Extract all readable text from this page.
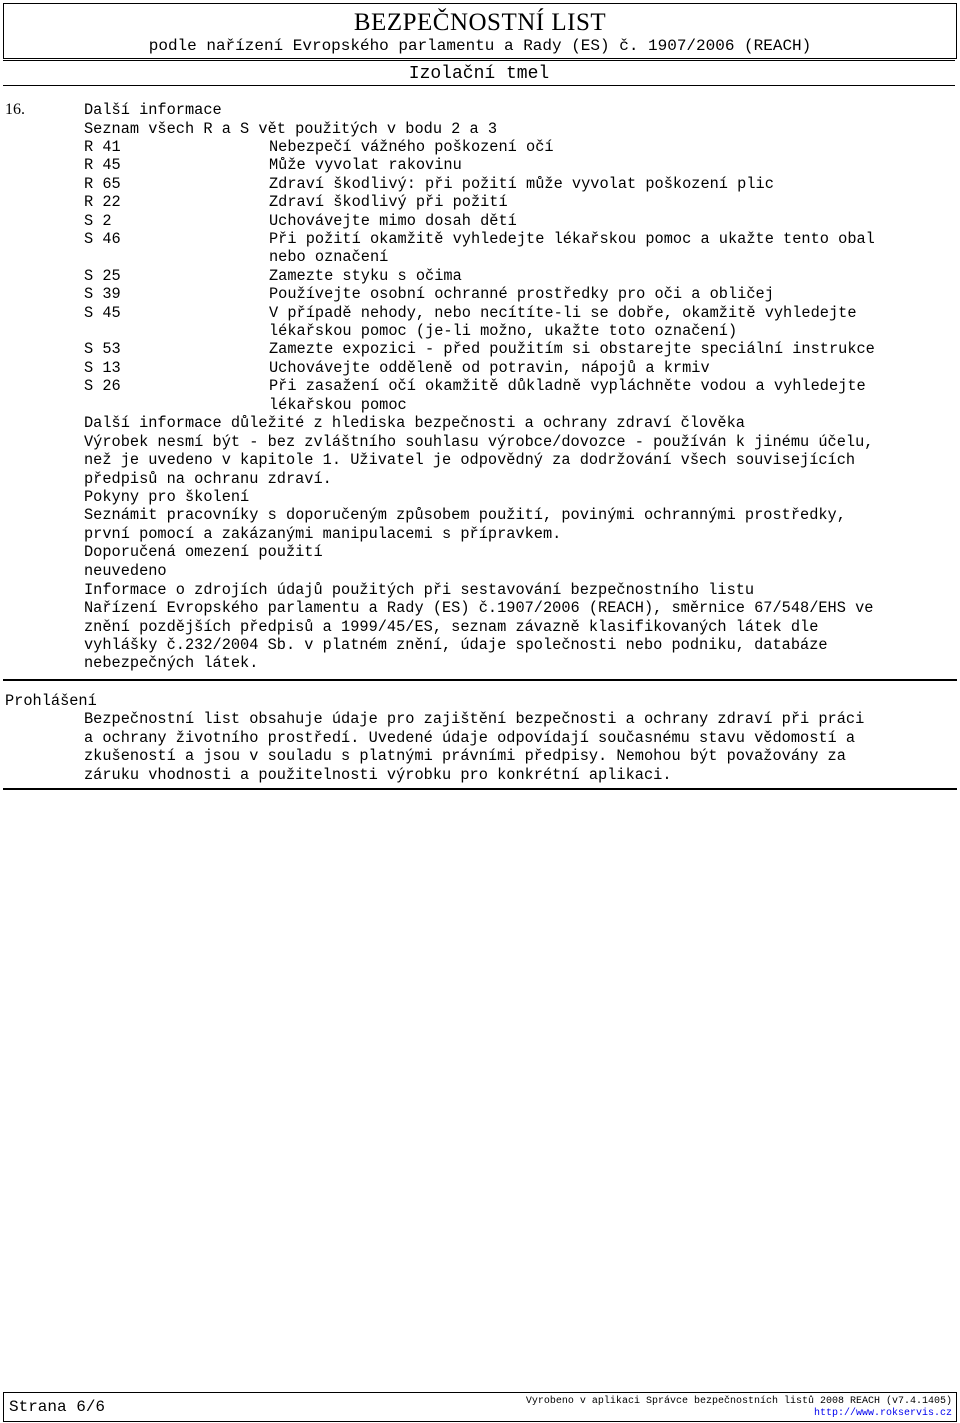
BEZPEČNOSTNÍ LIST
podle nařízení Evropského parlamentu a Rady (ES) č. 1907/2006 (REACH)
Izolační tmel
16.	Další informace
Seznam všech R a S vět použitých v bodu 2 a 3
R 41
R 45
R 65
R 22
S 2
S 46
S 25
S 39
S 45
S 53
S 13
S 26
Nebezpečí vážného poškození očí
Může vyvolat rakovinu
Zdraví škodlivý: při požití může vyvolat poškození plic
Zdraví škodlivý při požití
Uchovávejte mimo dosah dětí
Při požití okamžitě vyhledejte lékařskou pomoc a ukažte tento obal
nebo označení
Zamezte styku s očima
Používejte osobní ochranné prostředky pro oči a obličej
V případě nehody, nebo necítíte-li se dobře, okamžitě vyhledejte
lékařskou pomoc (je-li možno, ukažte toto označení)
Zamezte expozici - před použitím si obstarejte speciální instrukce
Uchovávejte odděleně od potravin, nápojů a krmiv
Při zasažení očí okamžitě důkladně vypláchněte vodou a vyhledejte
lékařskou pomoc
Další informace důležité z hlediska bezpečnosti a ochrany zdraví člověka
Výrobek nesmí být - bez zvláštního souhlasu výrobce/dovozce - používán k jinému účelu,
než je uvedeno v kapitole 1. Uživatel je odpovědný za dodržování všech souvisejících
předpisů na ochranu zdraví.
Pokyny pro školení
Seznámit pracovníky s doporučeným způsobem použití, povinými ochrannými prostředky,
první pomocí a zakázanými manipulacemi s přípravkem.
Doporučená omezení použití
neuvedeno
Informace o zdrojích údajů použitých při sestavování bezpečnostního listu
Nařízení Evropského parlamentu a Rady (ES) č.1907/2006 (REACH), směrnice 67/548/EHS ve
znění pozdějších předpisů a 1999/45/ES, seznam závazně klasifikovaných látek dle
vyhlášky č.232/2004 Sb. v platném znění, údaje společnosti nebo podniku, databáze
nebezpečných látek.
Prohlášení
Bezpečnostní list obsahuje údaje pro zajištění bezpečnosti a ochrany zdraví při práci
a ochrany životního prostředí. Uvedené údaje odpovídají současnému stavu vědomostí a
zkušeností a jsou v souladu s platnými právními předpisy. Nemohou být považovány za
záruku vhodnosti a použitelnosti výrobku pro konkrétní aplikaci.
Strana 6/6	Vyrobeno v aplikaci Správce bezpečnostních listů 2008 REACH (v7.4.1405)
http://www.rokservis.cz
